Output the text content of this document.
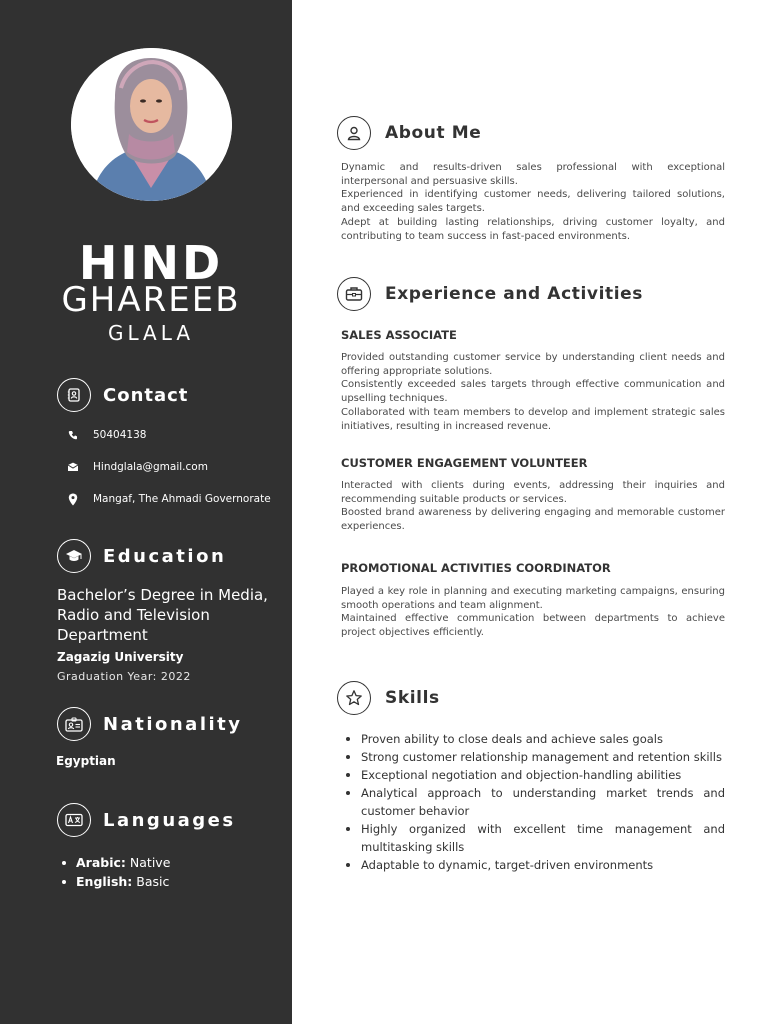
HIND
GHAREEB
GLALA
Contact
50404138
Hindglala@gmail.com
Mangaf, The Ahmadi Governorate
Education
Bachelor’s Degree in Media, Radio and Television Department
Zagazig University
Graduation Year: 2022
Nationality
Egyptian
Languages
Arabic: Native
English: Basic
About Me

Dynamic and results-driven sales professional with exceptional interpersonal and persuasive skills.

Experienced in identifying customer needs, delivering tailored solutions, and exceeding sales targets.

Adept at building lasting relationships, driving customer loyalty, and contributing to team success in fast-paced environments.

Experience and Activities
SALES ASSOCIATE

Provided outstanding customer service by understanding client needs and offering appropriate solutions.

Consistently exceeded sales targets through effective communication and upselling techniques.

Collaborated with team members to develop and implement strategic sales initiatives, resulting in increased revenue.

CUSTOMER ENGAGEMENT VOLUNTEER

Interacted with clients during events, addressing their inquiries and recommending suitable products or services.

Boosted brand awareness by delivering engaging and memorable customer experiences.

PROMOTIONAL ACTIVITIES COORDINATOR

Played a key role in planning and executing marketing campaigns, ensuring smooth operations and team alignment.

Maintained effective communication between departments to achieve project objectives efficiently.

Skills
Proven ability to close deals and achieve sales goals
Strong customer relationship management and retention skills
Exceptional negotiation and objection-handling abilities
Analytical approach to understanding market trends and customer behavior
Highly organized with excellent time management and multitasking skills
Adaptable to dynamic, target-driven environments
